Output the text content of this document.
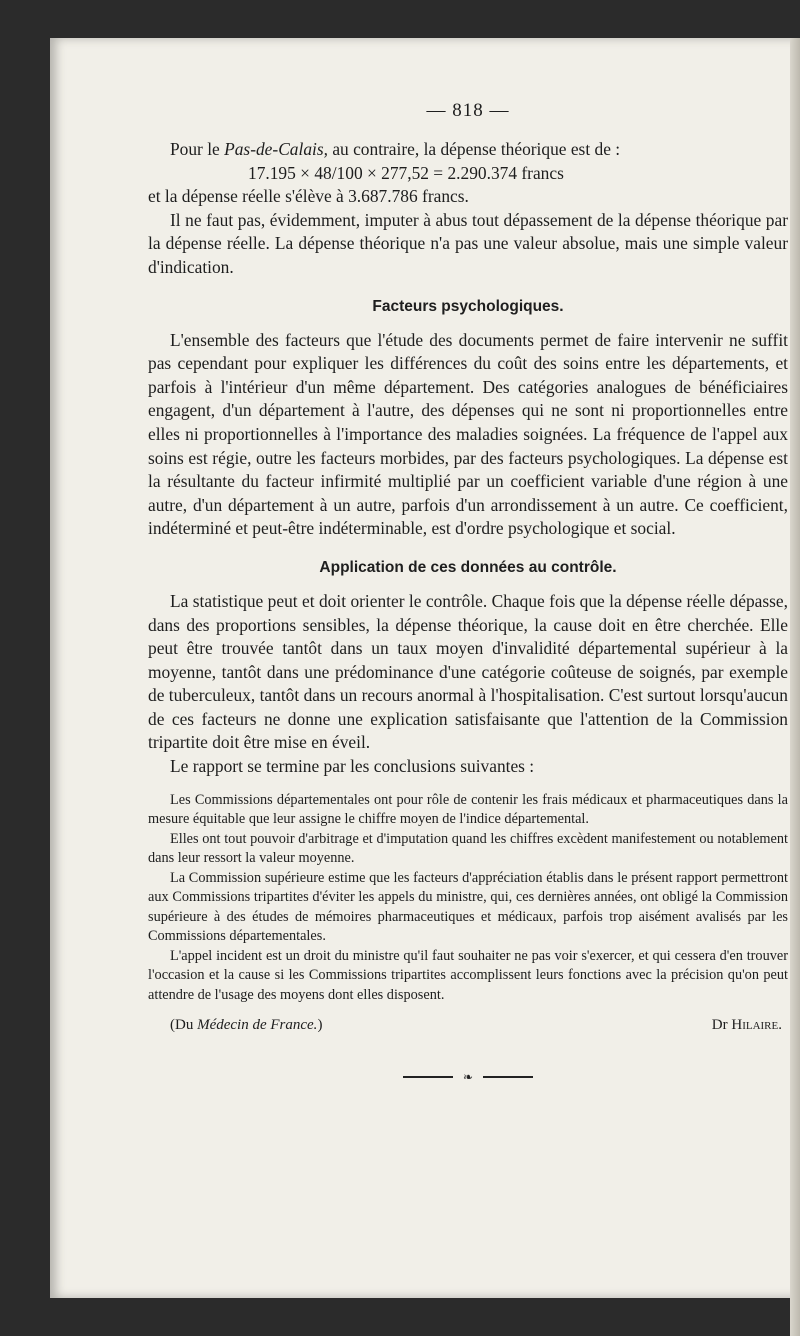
— 818 —

Pour le Pas-de-Calais, au contraire, la dépense théorique est de :

17.195 × 48/100 × 277,52 = 2.290.374 francs

et la dépense réelle s'élève à 3.687.786 francs.

Il ne faut pas, évidemment, imputer à abus tout dépassement de la dépense théorique par la dépense réelle. La dépense théorique n'a pas une valeur absolue, mais une simple valeur d'indication.

Facteurs psychologiques.

L'ensemble des facteurs que l'étude des documents permet de faire intervenir ne suffit pas cependant pour expliquer les différences du coût des soins entre les départements, et parfois à l'intérieur d'un même département. Des catégories analogues de bénéficiaires engagent, d'un département à l'autre, des dépenses qui ne sont ni proportionnelles entre elles ni proportionnelles à l'importance des maladies soignées. La fréquence de l'appel aux soins est régie, outre les facteurs morbides, par des facteurs psychologiques. La dépense est la résultante du facteur infirmité multiplié par un coefficient variable d'une région à une autre, d'un département à un autre, parfois d'un arrondissement à un autre. Ce coefficient, indéterminé et peut-être indéterminable, est d'ordre psychologique et social.

Application de ces données au contrôle.

La statistique peut et doit orienter le contrôle. Chaque fois que la dépense réelle dépasse, dans des proportions sensibles, la dépense théorique, la cause doit en être cherchée. Elle peut être trouvée tantôt dans un taux moyen d'invalidité départemental supérieur à la moyenne, tantôt dans une prédominance d'une catégorie coûteuse de soignés, par exemple de tuberculeux, tantôt dans un recours anormal à l'hospitalisation. C'est surtout lorsqu'aucun de ces facteurs ne donne une explication satisfaisante que l'attention de la Commission tripartite doit être mise en éveil.

Le rapport se termine par les conclusions suivantes :

Les Commissions départementales ont pour rôle de contenir les frais médicaux et pharmaceutiques dans la mesure équitable que leur assigne le chiffre moyen de l'indice départemental.

Elles ont tout pouvoir d'arbitrage et d'imputation quand les chiffres excèdent manifestement ou notablement dans leur ressort la valeur moyenne.

La Commission supérieure estime que les facteurs d'appréciation établis dans le présent rapport permettront aux Commissions tripartites d'éviter les appels du ministre, qui, ces dernières années, ont obligé la Commission supérieure à des études de mémoires pharmaceutiques et médicaux, parfois trop aisément avalisés par les Commissions départementales.

L'appel incident est un droit du ministre qu'il faut souhaiter ne pas voir s'exercer, et qui cessera d'en trouver l'occasion et la cause si les Commissions tripartites accomplissent leurs fonctions avec la précision qu'on peut attendre de l'usage des moyens dont elles disposent.

(Du Médecin de France.)	Dr Hilaire.
❧
